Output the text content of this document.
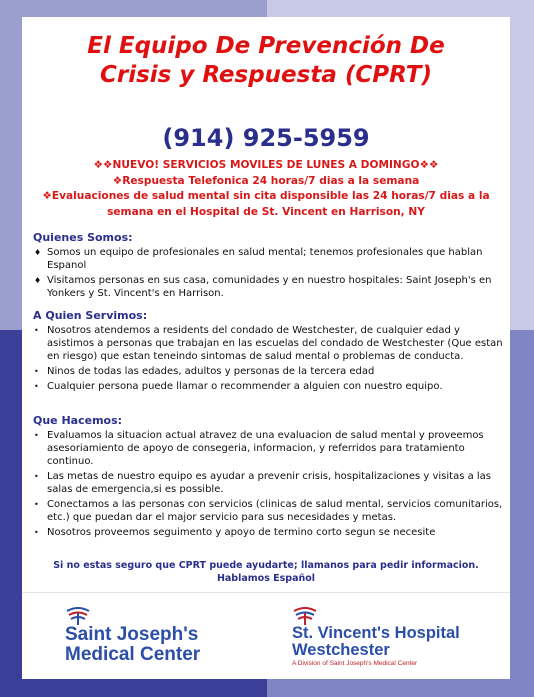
El Equipo De Prevención De
Crisis y Respuesta (CPRT)
(914) 925-5959
❖❖NUEVO! SERVICIOS MOVILES DE LUNES A DOMINGO❖❖
❖Respuesta Telefonica 24 horas/7 dias a la semana
❖Evaluaciones de salud mental sin cita disponsible las 24 horas/7 dias a la
semana en el Hospital de St. Vincent en Harrison, NY
Quienes Somos:
♦ Somos un equipo de profesionales en salud mental; tenemos profesionales que hablan Espanol
♦ Visitamos personas en sus casa, comunidades y en nuestro hospitales: Saint Joseph's en Yonkers y St. Vincent's en Harrison.
A Quien Servimos:
• Nosotros atendemos a residents del condado de Westchester, de cualquier edad y asistimos a personas que trabajan en las escuelas del condado de Westchester (Que estan en riesgo) que estan teneindo sintomas de salud mental o problemas de conducta.
• Ninos de todas las edades, adultos y personas de la tercera edad
• Cualquier persona puede llamar o recommender a alguien con nuestro equipo.
Que Hacemos:
• Evaluamos la situacion actual atravez de una evaluacion de salud mental y proveemos asesoriamiento de apoyo de consegeria, informacion, y referridos para tratamiento continuo.
• Las metas de nuestro equipo es ayudar a prevenir crisis, hospitalizaciones y visitas a las salas de emergencia,si es possible.
• Conectamos a las personas con servicios (clinicas de salud mental, servicios comunitarios, etc.) que puedan dar el major servicio para sus necesidades y metas.
• Nosotros proveemos seguimento y apoyo de termino corto segun se necesite
Si no estas seguro que CPRT puede ayudarte; llamanos para pedir informacion.
Hablamos Español
Saint Joseph's
Medical Center
St. Vincent's Hospital
Westchester
A Division of Saint Joseph's Medical Center
